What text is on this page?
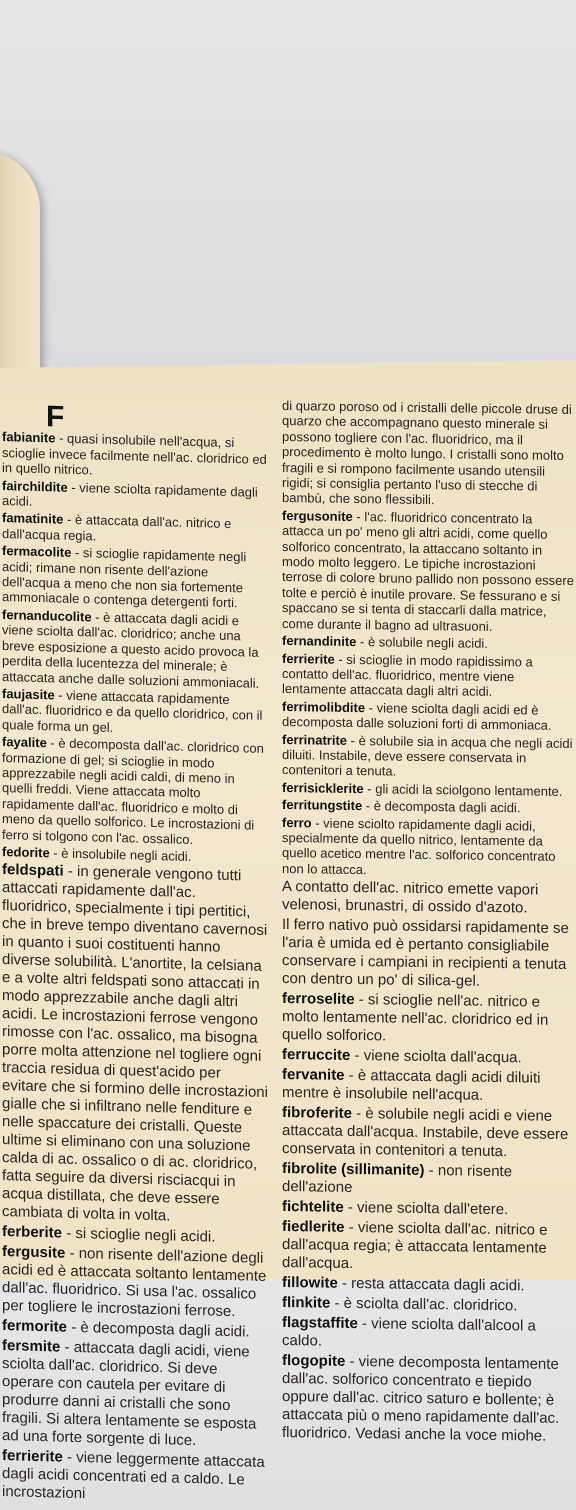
F
fabianite - quasi insolubile nell'acqua, si scioglie invece facilmente nell'ac. cloridrico ed in quello nitrico.
fairchildite - viene sciolta rapidamente dagli acidi.
famatinite - è attaccata dall'ac. nitrico e dall'acqua regia.
fermacolite - si scioglie rapidamente negli acidi; rimane non risente dell'azione dell'acqua a meno che non sia fortemente ammoniacale o contenga detergenti forti.
fernanducolite - è attaccata dagli acidi e viene sciolta dall'ac. cloridrico; anche una breve esposizione a questo acido provoca la perdita della lucentezza del minerale; è attaccata anche dalle soluzioni ammoniacali.
faujasite - viene attaccata rapidamente dall'ac. fluoridrico e da quello cloridrico, con il quale forma un gel.
fayalite - è decomposta dall'ac. cloridrico con formazione di gel; si scioglie in modo apprezzabile negli acidi caldi, di meno in quelli freddi. Viene attaccata molto rapidamente dall'ac. fluoridrico e molto di meno da quello solforico. Le incrostazioni di ferro si tolgono con l'ac. ossalico.
fedorite - è insolubile negli acidi.
feldspati - in generale vengono tutti attaccati rapidamente dall'ac. fluoridrico, specialmente i tipi pertitici, che in breve tempo diventano cavernosi in quanto i suoi costituenti hanno diverse solubilità. L'anortite, la celsiana e a volte altri feldspati sono attaccati in modo apprezzabile anche dagli altri acidi. Le incrostazioni ferrose vengono rimosse con l'ac. ossalico, ma bisogna porre molta attenzione nel togliere ogni traccia residua di quest'acido per evitare che si formino delle incrostazioni gialle che si infiltrano nelle fenditure e nelle spaccature dei cristalli. Queste ultime si eliminano con una soluzione calda di ac. ossalico o di ac. cloridrico, fatta seguire da diversi risciacqui in acqua distillata, che deve essere cambiata di volta in volta.
ferberite - si scioglie negli acidi.
fergusite - non risente dell'azione degli acidi ed è attaccata soltanto lentamente dall'ac. fluoridrico. Si usa l'ac. ossalico per togliere le incrostazioni ferrose.
fermorite - è decomposta dagli acidi.
fersmite - attaccata dagli acidi, viene sciolta dall'ac. cloridrico. Si deve operare con cautela per evitare di produrre danni ai cristalli che sono fragili. Si altera lentamente se esposta ad una forte sorgente di luce.
ferrierite - viene leggermente attaccata dagli acidi concentrati ed a caldo. Le incrostazioni
di quarzo poroso od i cristalli delle piccole druse di quarzo che accompagnano questo minerale si possono togliere con l'ac. fluoridrico, ma il procedimento è molto lungo. I cristalli sono molto fragili e si rompono facilmente usando utensili rigidi; si consiglia pertanto l'uso di stecche di bambù, che sono flessibili.
fergusonite - l'ac. fluoridrico concentrato la attacca un po' meno gli altri acidi, come quello solforico concentrato, la attaccano soltanto in modo molto leggero. Le tipiche incrostazioni terrose di colore bruno pallido non possono essere tolte e perciò è inutile provare. Se fessurano e si spaccano se si tenta di staccarli dalla matrice, come durante il bagno ad ultrasuoni.
fernandinite - è solubile negli acidi.
ferrierite - si scioglie in modo rapidissimo a contatto dell'ac. fluoridrico, mentre viene lentamente attaccata dagli altri acidi.
ferrimolibdite - viene sciolta dagli acidi ed è decomposta dalle soluzioni forti di ammoniaca.
ferrinatrite - è solubile sia in acqua che negli acidi diluiti. Instabile, deve essere conservata in contenitori a tenuta.
ferrisicklerite - gli acidi la sciolgono lentamente.
ferritungstite - è decomposta dagli acidi.
ferro - viene sciolto rapidamente dagli acidi, specialmente da quello nitrico, lentamente da quello acetico mentre l'ac. solforico concentrato non lo attacca.
A contatto dell'ac. nitrico emette vapori velenosi, brunastri, di ossido d'azoto.
Il ferro nativo può ossidarsi rapidamente se l'aria è umida ed è pertanto consigliabile conservare i campiani in recipienti a tenuta con dentro un po' di silica-gel.
ferroselite - si scioglie nell'ac. nitrico e molto lentamente nell'ac. cloridrico ed in quello solforico.
ferruccite - viene sciolta dall'acqua.
fervanite - è attaccata dagli acidi diluiti mentre è insolubile nell'acqua.
fibroferite - è solubile negli acidi e viene attaccata dall'acqua. Instabile, deve essere conservata in contenitori a tenuta.
fibrolite (sillimanite) - non risente dell'azione
fichtelite - viene sciolta dall'etere.
fiedlerite - viene sciolta dall'ac. nitrico e dall'acqua regia; è attaccata lentamente dall'acqua.
fillowite - resta attaccata dagli acidi.
flinkite - è sciolta dall'ac. cloridrico.
flagstaffite - viene sciolta dall'alcool a caldo.
flogopite - viene decomposta lentamente dall'ac. solforico concentrato e tiepido oppure dall'ac. citrico saturo e bollente; è attaccata più o meno rapidamente dall'ac. fluoridrico. Vedasi anche la voce miohe.
